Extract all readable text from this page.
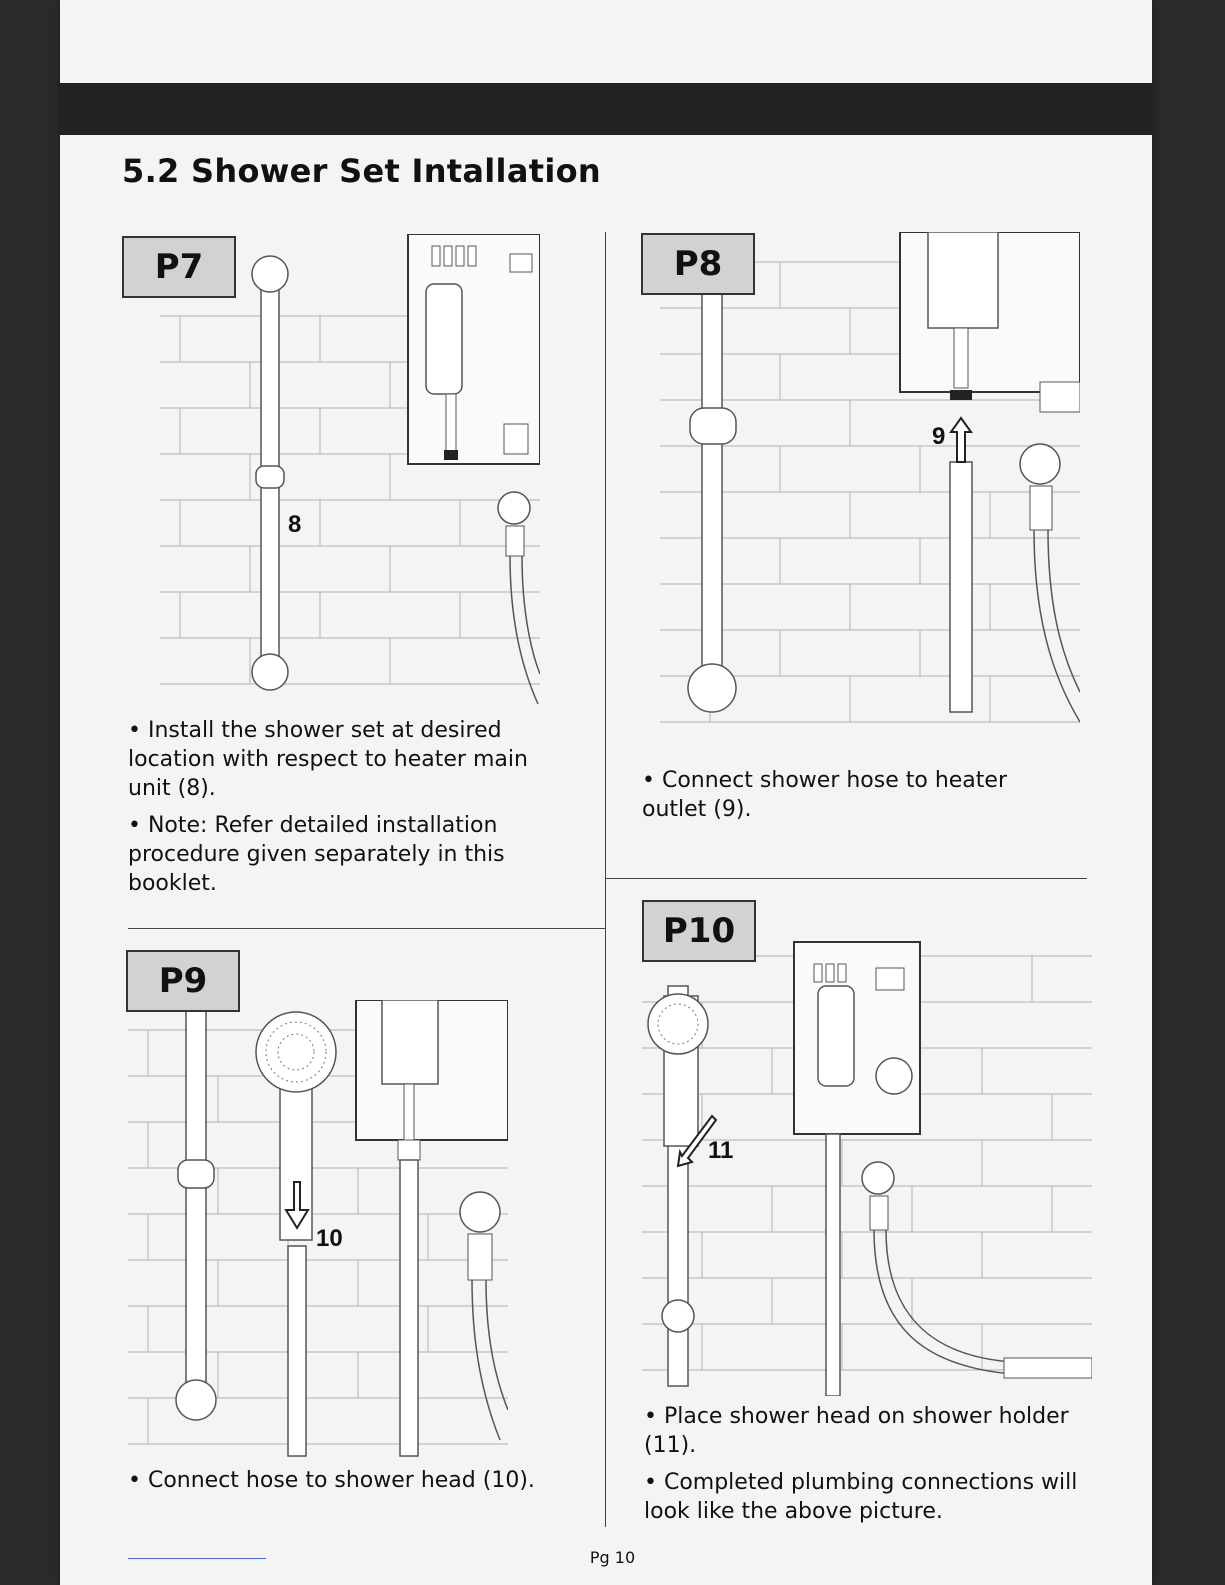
5.2 Shower Set Intallation
8
P7

• Install the shower set at desired location with respect to heater main unit (8).

• Note: Refer detailed installation procedure given separately in this booklet.

9
P8

• Connect shower hose to heater outlet (9).

10
P9

• Connect hose to shower head (10).

11
P10

• Place shower head on shower holder (11).

• Completed plumbing connections will look like the above picture.

Pg 10
